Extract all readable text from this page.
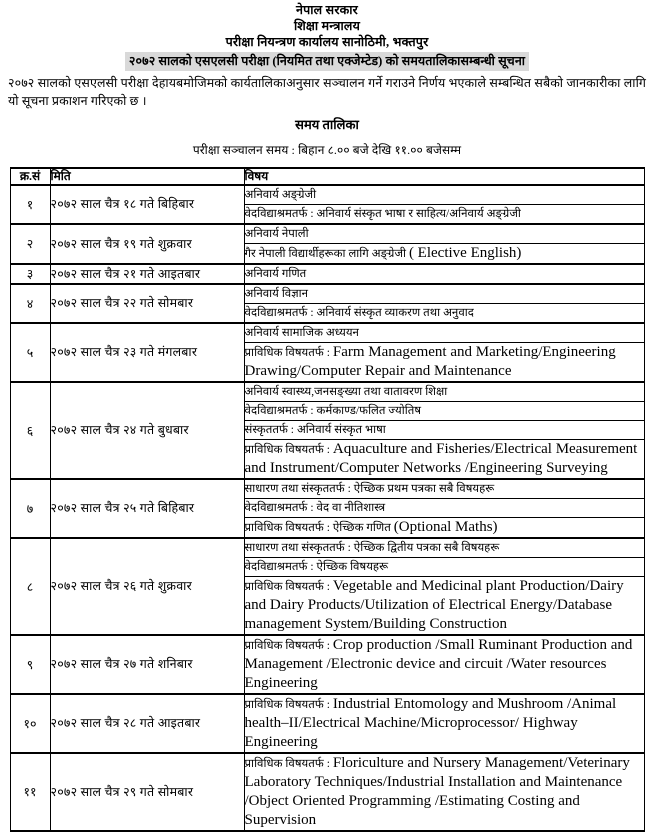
नेपाल सरकार
शिक्षा मन्त्रालय
परीक्षा नियन्त्रण कार्यालय सानोठिमी, भक्तपुर
२०७२ सालको एसएलसी परीक्षा (नियमित तथा एक्जेम्टेड) को समयतालिकासम्बन्धी सूचना
२०७२ सालको एसएलसी परीक्षा देहायबमोजिमको कार्यतालिकाअनुसार सञ्चालन गर्ने गराउने निर्णय भएकाले सम्बन्धित सबैको जानकारीका लागि यो सूचना प्रकाशन गरिएको छ ।
समय तालिका
परीक्षा सञ्चालन समय : बिहान ८.०० बजे देखि ११.०० बजेसम्म
क्र.सं	मिति	विषय
१	२०७२ साल चैत्र १८ गते बिहिबार	अनिवार्य अङ्ग्रेजी
		वेदविद्याश्रमतर्फ : अनिवार्य संस्कृत भाषा र साहित्य/अनिवार्य अङ्ग्रेजी
२	२०७२ साल चैत्र १९ गते शुक्रवार	अनिवार्य नेपाली
		गैर नेपाली विद्यार्थीहरूका लागि अङ्ग्रेजी ( Elective English)
३	२०७२ साल चैत्र २१ गते आइतबार	अनिवार्य गणित
४	२०७२ साल चैत्र २२ गते सोमबार	अनिवार्य विज्ञान
		वेदविद्याश्रमतर्फ : अनिवार्य संस्कृत व्याकरण तथा अनुवाद
५	२०७२ साल चैत्र २३ गते मंगलबार	अनिवार्य सामाजिक अध्ययन
		प्राविधिक विषयतर्फ : Farm Management and Marketing/Engineering Drawing/Computer Repair and Maintenance
६	२०७२ साल चैत्र २४ गते बुधबार	अनिवार्य स्वास्थ्य,जनसङ्ख्या तथा वातावरण शिक्षा
		वेदविद्याश्रमतर्फ : कर्मकाण्ड/फलित ज्योतिष
		संस्कृततर्फ : अनिवार्य संस्कृत भाषा
		प्राविधिक विषयतर्फ : Aquaculture and Fisheries/Electrical Measurement and Instrument/Computer Networks /Engineering Surveying
७	२०७२ साल चैत्र २५ गते बिहिबार	साधारण तथा संस्कृततर्फ : ऐच्छिक प्रथम पत्रका सबै विषयहरू
		वेदविद्याश्रमतर्फ : वेद वा नीतिशास्त्र
		प्राविधिक विषयतर्फ : ऐच्छिक गणित (Optional Maths)
८	२०७२ साल चैत्र २६ गते शुक्रवार	साधारण तथा संस्कृततर्फ : ऐच्छिक द्वितीय पत्रका सबै विषयहरू
		वेदविद्याश्रमतर्फ : ऐच्छिक विषयहरू
		प्राविधिक विषयतर्फ : Vegetable and Medicinal plant Production/Dairy and Dairy Products/Utilization of Electrical Energy/Database management System/Building Construction
९	२०७२ साल चैत्र २७ गते शनिबार	प्राविधिक विषयतर्फ : Crop production /Small Ruminant Production and Management /Electronic device and circuit /Water resources Engineering
१०	२०७२ साल चैत्र २८ गते आइतबार	प्राविधिक विषयतर्फ : Industrial Entomology and Mushroom /Animal health–II/Electrical Machine/Microprocessor/ Highway Engineering
११	२०७२ साल चैत्र २९ गते सोमबार	प्राविधिक विषयतर्फ : Floriculture and Nursery Management/Veterinary Laboratory Techniques/Industrial Installation and Maintenance /Object Oriented Programming /Estimating Costing and Supervision
